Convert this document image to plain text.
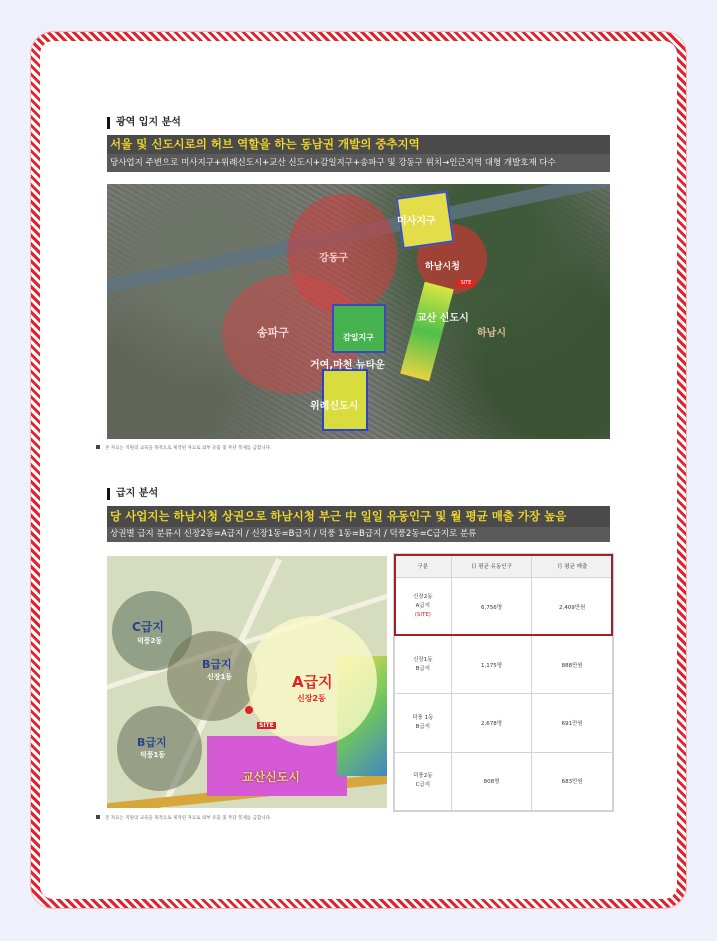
광역 입지 분석
서울 및 신도시로의 허브 역할을 하는 동남권 개발의 중추지역
당사업지 주변으로 미사지구+위례신도시+교산 신도시+감일지구+송파구 및 강동구 위치→인근지역 대형 개발호재 다수
SITE
강동구
송파구
미사지구
하남시청
교산 신도시
감일지구
거여,마천 뉴타운
위례신도시
하남시
본 자료는 직원의 교육을 목적으로 제작된 자료로 외부 유출 및 무단 복제를 금합니다.
급지 분석
당 사업지는 하남시청 상권으로 하남시청 부근 中 일일 유동인구 및 월 평균 매출 가장 높음
상권별 급지 분류시 신장2동=A급지 / 신장1동=B급지 / 덕풍 1동=B급지 / 덕풍2동=C급지로 분류
C급지
덕풍2동
B급지
신장1동	A급지
신장2동
B급지
덕풍1동
SITE
교산신도시
구분	日 평균 유동인구	月 평균 매출

신장2동
A급지
(SITE)	6,756명	2,409만원

신장1동
B급지	1,175명	888만원

덕풍 1동
B급지	2,678명	691만원

덕풍2동
C급지	808명	683만원
본 자료는 직원의 교육을 목적으로 제작된 자료로 외부 유출 및 무단 복제를 금합니다.
